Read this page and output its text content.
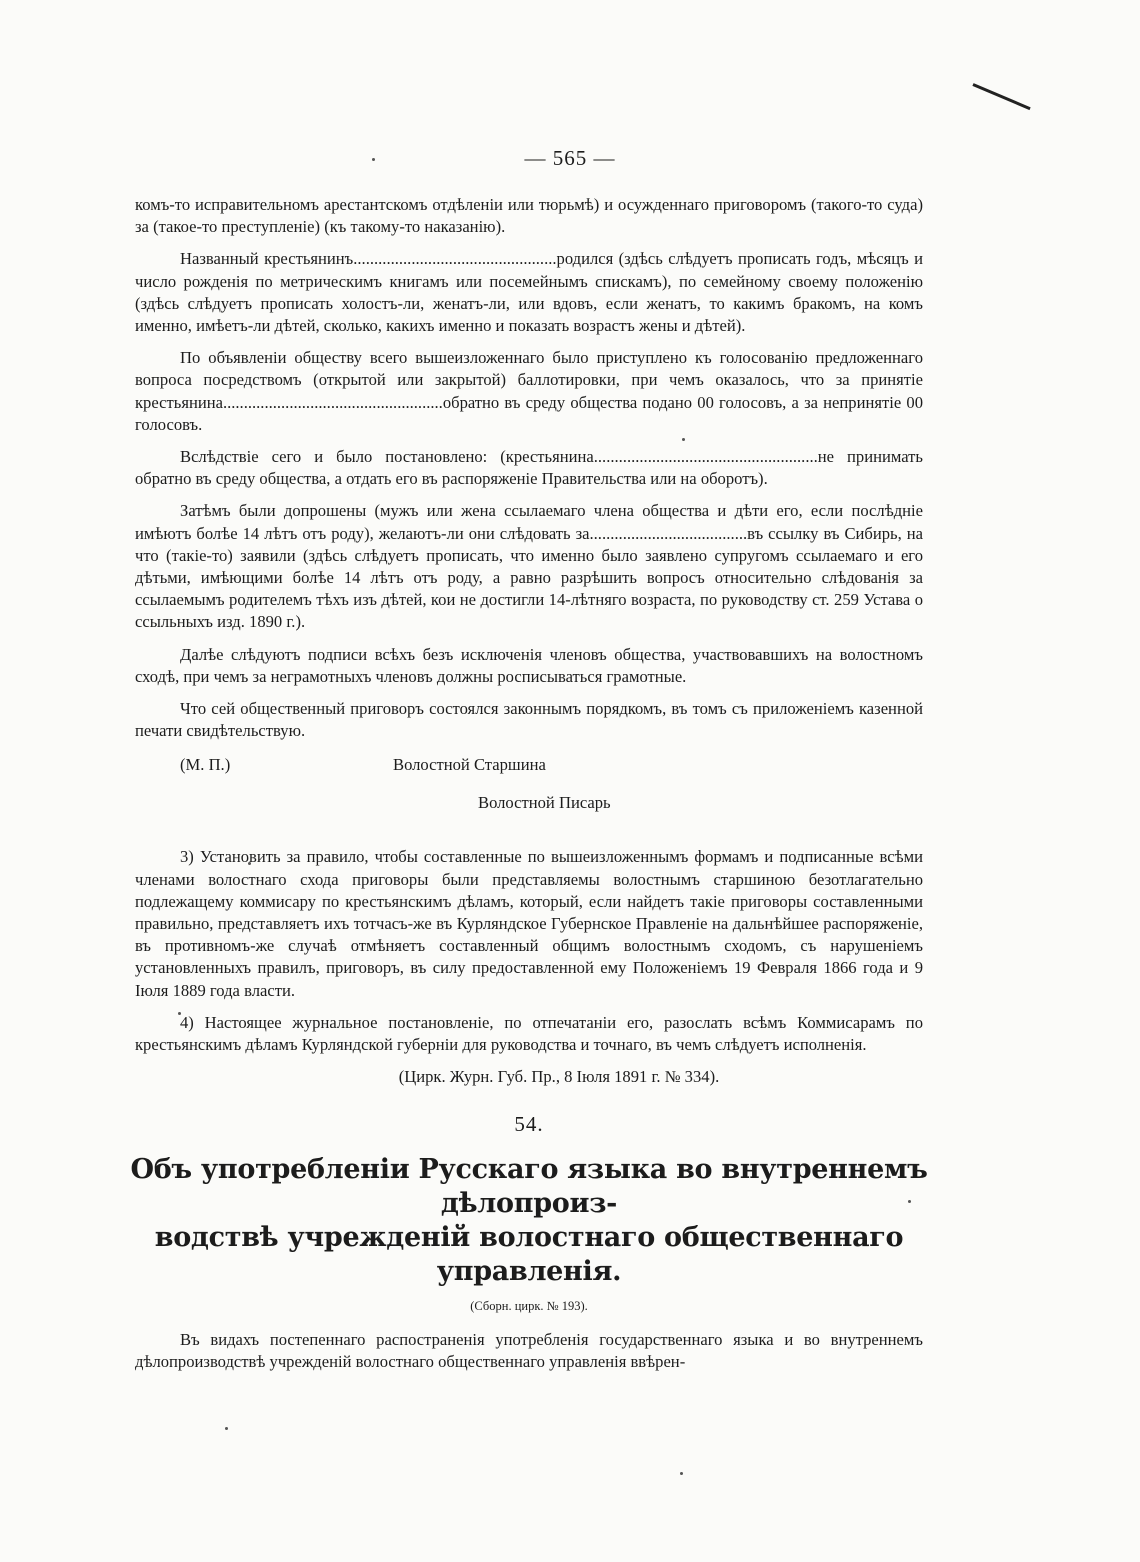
— 565 —

комъ-то исправительномъ арестантскомъ отдѣленіи или тюрьмѣ) и осужденнаго приговоромъ (такого-то суда) за (такое-то преступленіе) (къ такому-то наказанію).

Названный крестьянинъ.................................................родился (здѣсь слѣдуетъ прописать годъ, мѣсяцъ и число рожденія по метрическимъ книгамъ или посемейнымъ спискамъ), по семейному своему положенію (здѣсь слѣдуетъ прописать холостъ-ли, женатъ-ли, или вдовъ, если женатъ, то какимъ бракомъ, на комъ именно, имѣетъ-ли дѣтей, сколько, какихъ именно и показать возрастъ жены и дѣтей).

По объявленіи обществу всего вышеизложеннаго было приступлено къ голосованію предложеннаго вопроса посредствомъ (открытой или закрытой) баллотировки, при чемъ оказалось, что за принятіе крестьянина.....................................................обратно въ среду общества подано 00 голосовъ, а за непринятіе 00 голосовъ.

Вслѣдствіе сего и было постановлено: (крестьянина......................................................не принимать обратно въ среду общества, а отдать его въ распоряженіе Правительства или на оборотъ).

Затѣмъ были допрошены (мужъ или жена ссылаемаго члена общества и дѣти его, если послѣдніе имѣютъ болѣе 14 лѣтъ отъ роду), желаютъ-ли они слѣдовать за......................................въ ссылку въ Сибирь, на что (такіе-то) заявили (здѣсь слѣдуетъ прописать, что именно было заявлено супругомъ ссылаемаго и его дѣтьми, имѣющими болѣе 14 лѣтъ отъ роду, а равно разрѣшить вопросъ относительно слѣдованія за ссылаемымъ родителемъ тѣхъ изъ дѣтей, кои не достигли 14-лѣтняго возраста, по руководству ст. 259 Устава о ссыльныхъ изд. 1890 г.).

Далѣе слѣдуютъ подписи всѣхъ безъ исключенія членовъ общества, участвовавшихъ на волостномъ сходѣ, при чемъ за неграмотныхъ членовъ должны росписываться грамотные.

Что сей общественный приговоръ состоялся законнымъ порядкомъ, въ томъ съ приложеніемъ казенной печати свидѣтельствую.

(М. П.)	Волостной Старшина
Волостной Писарь

3) Установить за правило, чтобы составленные по вышеизложеннымъ формамъ и подписанные всѣми членами волостнаго схода приговоры были представляемы волостнымъ старшиною безотлагательно подлежащему коммисару по крестьянскимъ дѣламъ, который, если найдетъ такіе приговоры составленными правильно, представляетъ ихъ тотчасъ-же въ Курляндское Губернское Правленіе на дальнѣйшее распоряженіе, въ противномъ-же случаѣ отмѣняетъ составленный общимъ волостнымъ сходомъ, съ нарушеніемъ установленныхъ правилъ, приговоръ, въ силу предоставленной ему Положеніемъ 19 Февраля 1866 года и 9 Іюля 1889 года власти.

4) Настоящее журнальное постановленіе, по отпечатаніи его, разослать всѣмъ Коммисарамъ по крестьянскимъ дѣламъ Курляндской губерніи для руководства и точнаго, въ чемъ слѣдуетъ исполненія.

(Цирк. Журн. Губ. Пр., 8 Іюля 1891 г. № 334).
54.
Объ употребленіи Русскаго языка во внутреннемъ дѣлопроиз-
водствѣ учрежденій волостнаго общественнаго управленія.
(Сборн. цирк. № 193).

Въ видахъ постепеннаго распостраненія употребленія государственнаго языка и во внутреннемъ дѣлопроизводствѣ учрежденій волостнаго общественнаго управленія ввѣрен-
